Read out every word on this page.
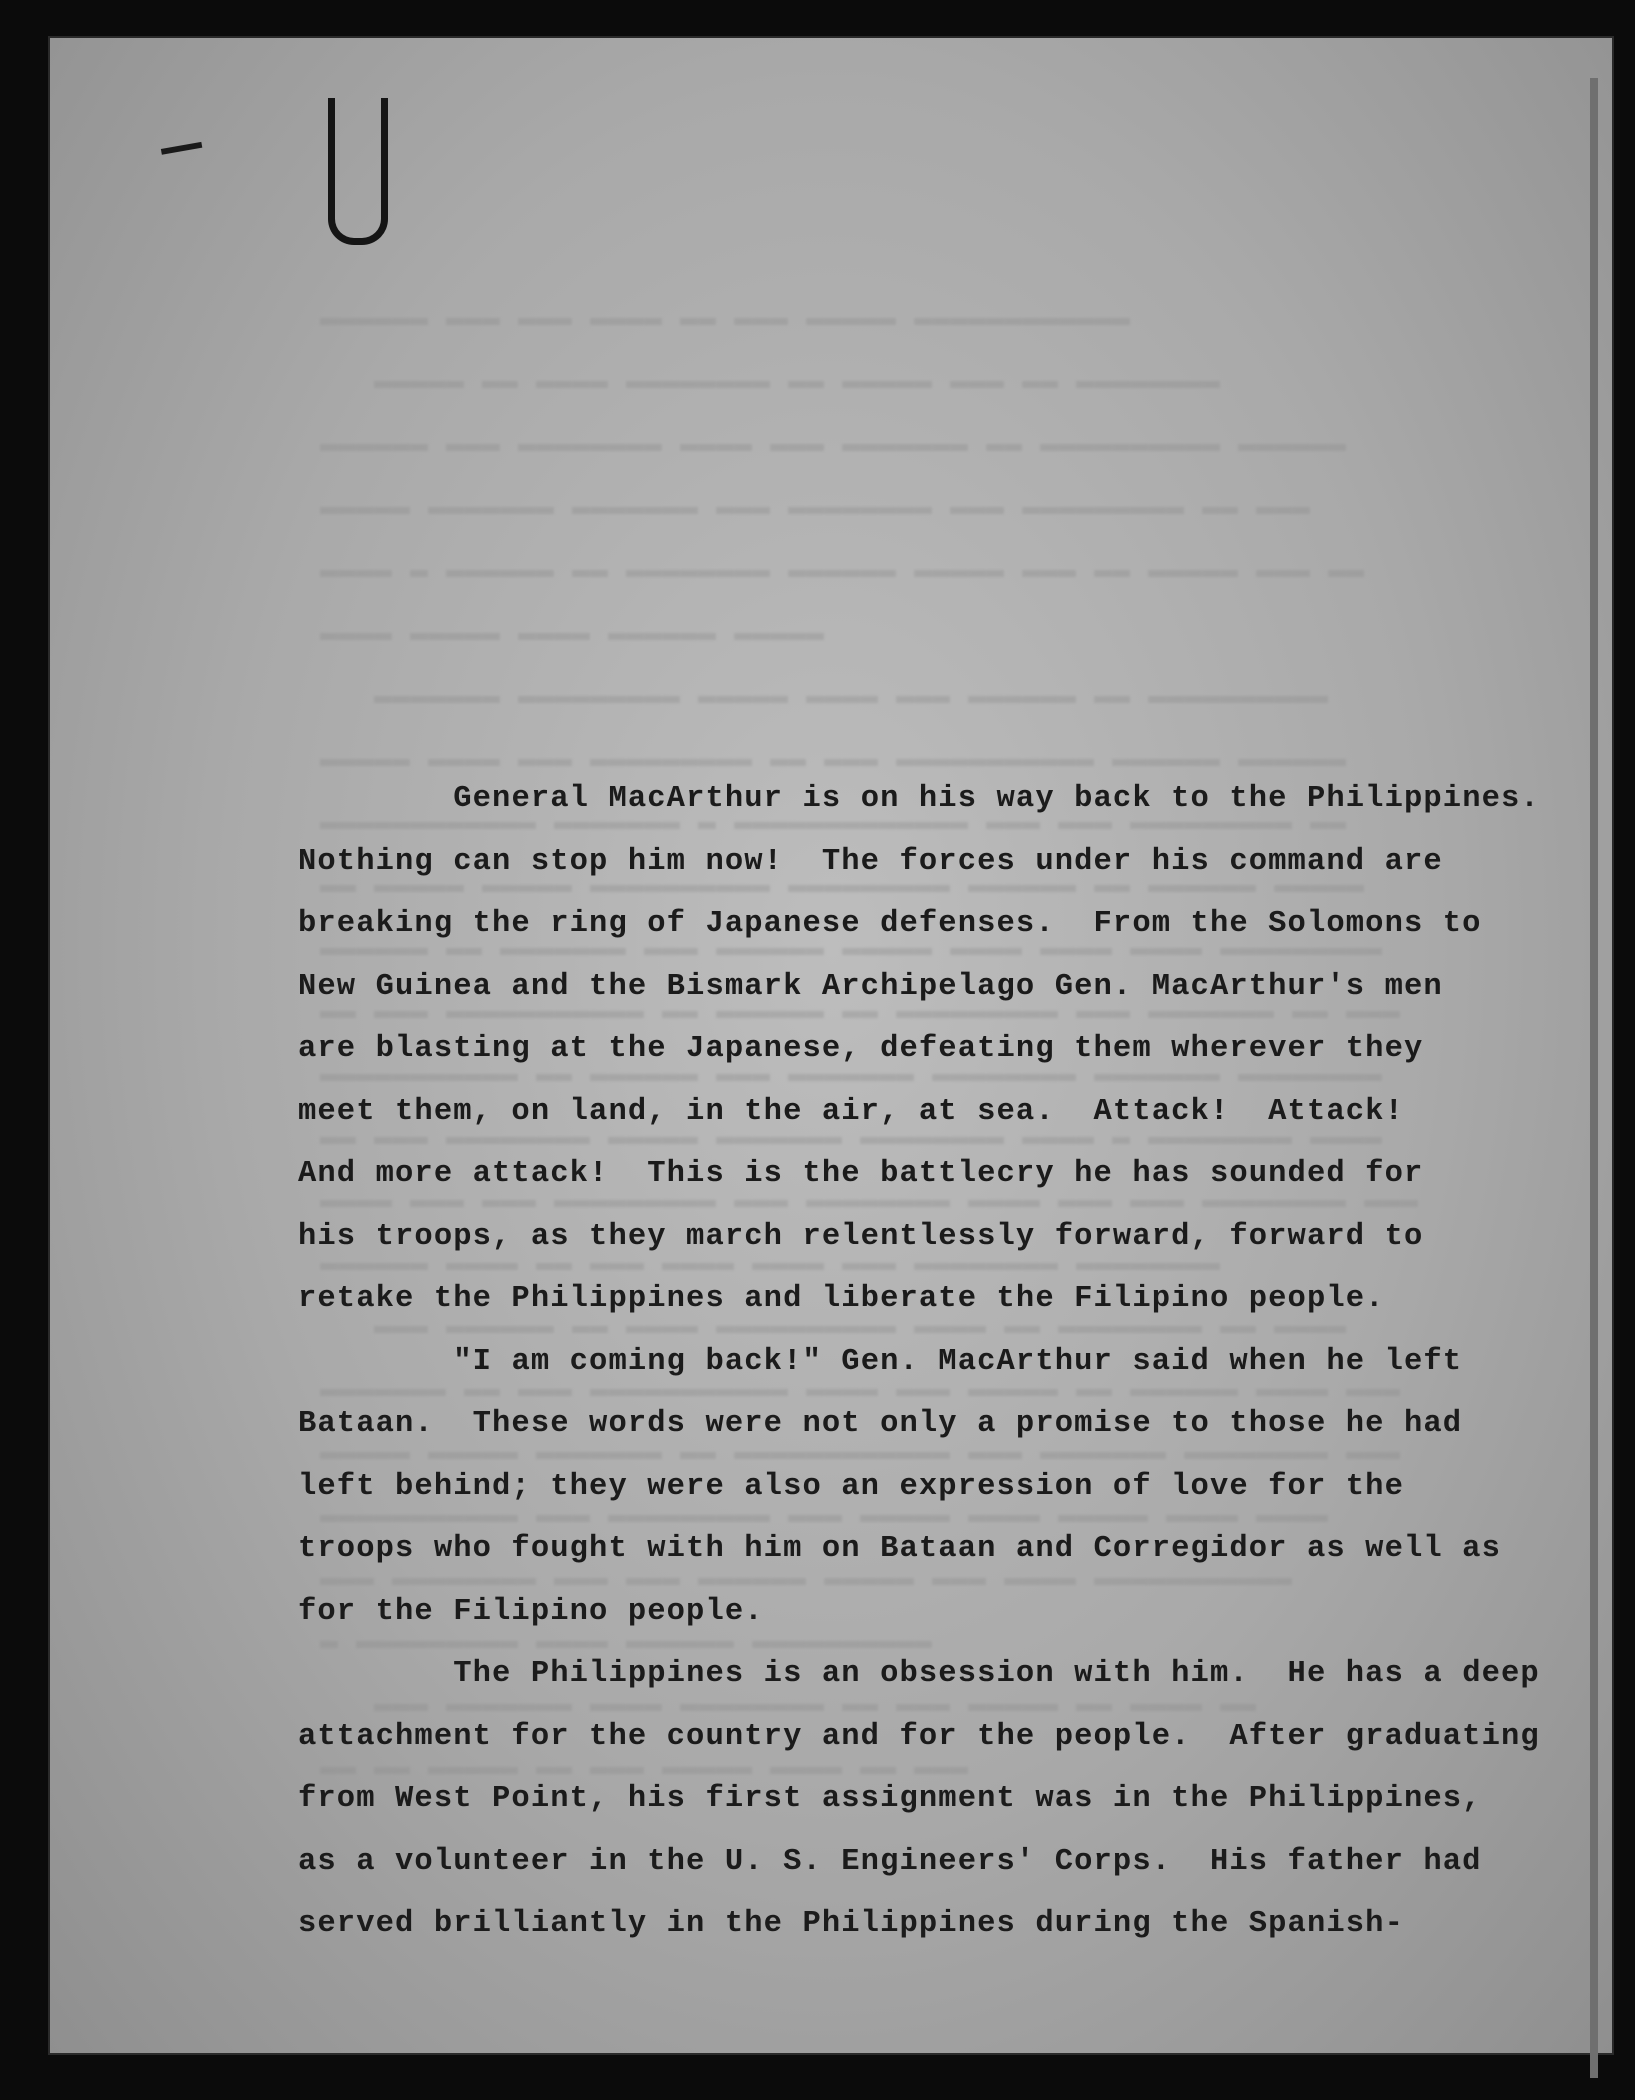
—
▬▬▬▬▬▬ ▬▬▬ ▬▬▬ ▬▬▬▬ ▬▬ ▬▬▬ ▬▬▬▬▬ ▬▬▬▬▬▬▬▬▬▬▬▬
▬▬▬▬▬ ▬▬ ▬▬▬▬ ▬▬▬▬▬▬▬▬ ▬▬ ▬▬▬▬▬ ▬▬▬ ▬▬ ▬▬▬▬▬▬▬▬
▬▬▬▬▬▬ ▬▬▬ ▬▬▬▬▬▬▬▬ ▬▬▬▬ ▬▬▬ ▬▬▬▬▬▬▬ ▬▬ ▬▬▬▬▬▬▬▬▬▬ ▬▬▬▬▬▬
▬▬▬▬▬ ▬▬▬▬▬▬▬ ▬▬▬▬▬▬▬ ▬▬▬ ▬▬▬▬▬▬▬▬ ▬▬▬ ▬▬▬▬▬▬▬▬▬ ▬▬ ▬▬▬
▬▬▬▬ ▬ ▬▬▬▬▬▬ ▬▬ ▬▬▬▬▬▬▬▬ ▬▬▬▬▬▬ ▬▬▬▬▬ ▬▬▬ ▬▬ ▬▬▬▬▬ ▬▬▬ ▬▬
▬▬▬▬ ▬▬▬▬▬ ▬▬▬▬ ▬▬▬▬▬▬ ▬▬▬▬▬
▬▬▬▬▬▬▬ ▬▬▬▬▬▬▬▬▬ ▬▬▬▬▬ ▬▬▬▬ ▬▬▬ ▬▬▬▬▬▬ ▬▬ ▬▬▬▬▬▬▬▬▬▬
▬▬▬▬▬ ▬▬▬▬ ▬▬▬ ▬▬▬▬▬▬▬▬▬ ▬▬ ▬▬▬ ▬▬▬▬▬▬▬▬▬▬▬ ▬▬▬▬▬▬ ▬▬▬▬▬▬
▬▬▬▬▬▬▬▬▬▬▬▬ ▬▬▬▬▬▬▬ ▬ ▬▬▬▬▬▬▬▬▬▬▬▬▬ ▬▬▬ ▬▬▬ ▬▬▬▬▬▬▬▬▬ ▬▬
▬▬ ▬▬▬▬▬ ▬▬▬▬▬ ▬▬▬▬▬▬▬▬▬▬ ▬▬▬▬▬▬▬▬▬ ▬▬▬▬▬▬ ▬▬ ▬▬▬▬▬▬ ▬▬▬▬▬
▬▬▬▬▬▬ ▬▬ ▬▬▬▬▬▬▬ ▬▬▬ ▬▬▬▬▬▬ ▬▬▬▬▬ ▬▬▬▬ ▬▬▬▬ ▬▬▬▬ ▬▬▬▬▬▬▬▬▬
▬▬ ▬▬▬ ▬▬▬▬▬▬▬▬▬▬▬ ▬▬ ▬▬▬▬▬▬ ▬▬ ▬▬▬▬▬▬▬▬▬ ▬▬▬ ▬▬▬▬▬▬▬ ▬▬ ▬▬▬
▬▬▬▬▬▬▬▬▬▬▬ ▬▬ ▬▬▬▬▬▬ ▬▬▬ ▬▬▬▬▬▬▬ ▬▬▬▬▬▬▬▬ ▬▬▬▬▬▬▬ ▬▬▬▬▬▬▬▬
▬▬ ▬▬▬ ▬▬▬▬▬▬▬▬ ▬▬▬▬▬ ▬▬▬▬▬▬▬ ▬▬▬▬▬▬▬▬ ▬▬▬▬ ▬ ▬▬▬▬▬▬▬▬ ▬▬▬▬
▬▬▬▬ ▬▬▬ ▬▬▬ ▬▬▬▬▬▬▬▬▬ ▬▬▬ ▬▬▬▬▬▬▬▬ ▬▬▬▬ ▬▬▬ ▬▬▬ ▬▬▬▬▬▬▬▬ ▬▬▬
▬▬▬▬▬▬ ▬▬▬▬ ▬▬ ▬▬▬ ▬▬▬▬ ▬▬▬▬ ▬▬▬ ▬▬▬▬▬▬▬▬ ▬▬▬▬▬▬▬▬
▬▬▬ ▬▬▬▬▬▬ ▬▬ ▬▬▬▬ ▬▬▬▬▬▬▬▬▬▬ ▬▬▬▬ ▬▬ ▬▬▬▬▬▬▬▬ ▬▬ ▬▬▬▬
▬▬▬▬▬▬▬ ▬▬ ▬▬▬ ▬▬▬▬▬▬▬▬▬▬▬ ▬▬▬▬ ▬▬▬ ▬▬▬▬▬ ▬▬ ▬▬▬▬▬▬ ▬▬▬▬ ▬▬▬
▬▬▬▬▬ ▬▬▬▬▬ ▬▬▬▬▬▬▬ ▬▬ ▬▬▬▬▬▬▬▬▬▬▬▬ ▬▬▬ ▬▬▬▬▬▬▬ ▬▬▬▬▬▬▬▬ ▬▬▬
▬▬▬▬▬▬▬▬▬▬▬ ▬▬▬ ▬▬▬▬▬▬▬▬▬ ▬▬▬ ▬▬▬▬▬ ▬▬▬▬ ▬▬▬▬▬ ▬▬▬▬ ▬▬▬▬
▬▬▬ ▬▬▬▬▬▬▬▬ ▬▬▬ ▬▬▬ ▬▬▬▬▬▬ ▬▬▬▬▬ ▬▬▬ ▬▬▬▬ ▬▬▬▬▬▬▬▬▬▬▬
▬ ▬▬▬▬▬▬▬▬▬ ▬▬▬▬ ▬▬▬▬▬▬ ▬▬▬▬▬▬▬▬▬▬
▬▬▬ ▬▬▬▬▬▬▬ ▬▬▬▬ ▬▬▬▬▬▬▬▬ ▬▬ ▬▬▬ ▬▬▬▬▬ ▬▬ ▬▬▬▬ ▬▬
▬▬ ▬▬ ▬▬▬▬▬ ▬▬ ▬▬▬ ▬▬▬▬▬ ▬▬▬▬ ▬▬ ▬▬▬

General MacArthur is on his way back to the Philippines.
Nothing can stop him now!  The forces under his command are
breaking the ring of Japanese defenses.  From the Solomons to
New Guinea and the Bismark Archipelago Gen. MacArthur's men
are blasting at the Japanese, defeating them wherever they
meet them, on land, in the air, at sea.  Attack!  Attack!
And more attack!  This is the battlecry he has sounded for
his troops, as they march relentlessly forward, forward to
retake the Philippines and liberate the Filipino people.

"I am coming back!" Gen. MacArthur said when he left
Bataan.  These words were not only a promise to those he had
left behind; they were also an expression of love for the
troops who fought with him on Bataan and Corregidor as well as
for the Filipino people.

The Philippines is an obsession with him.  He has a deep
attachment for the country and for the people.  After graduating
from West Point, his first assignment was in the Philippines,
as a volunteer in the U. S. Engineers' Corps.  His father had
served brilliantly in the Philippines during the Spanish-
